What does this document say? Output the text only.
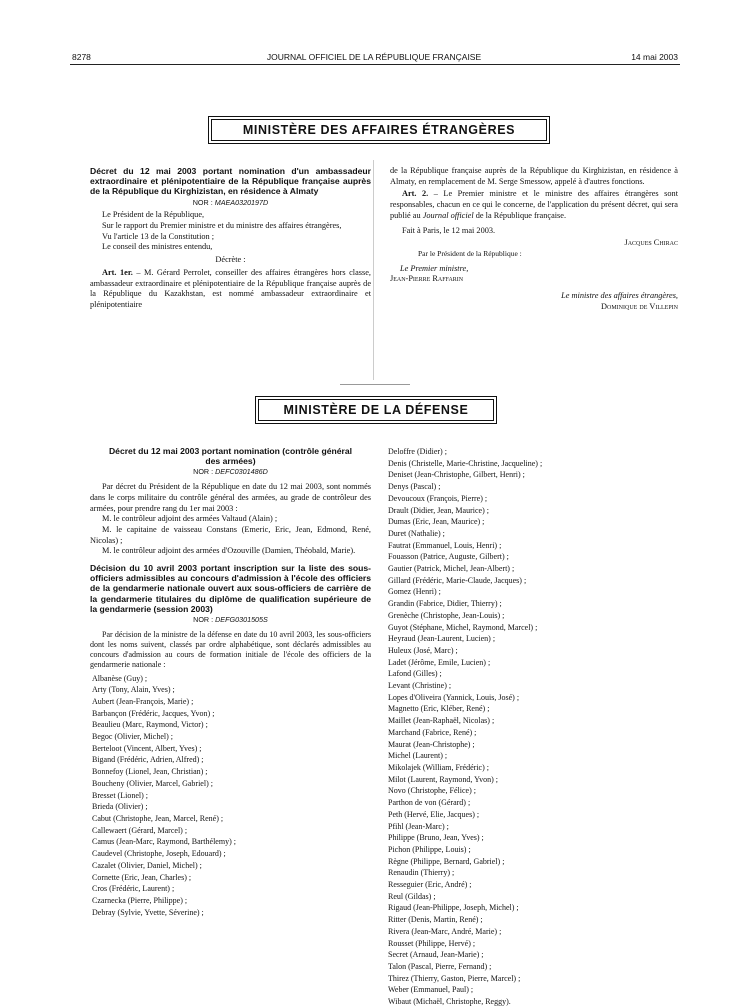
8278	JOURNAL OFFICIEL DE LA RÉPUBLIQUE FRANÇAISE	14 mai 2003
MINISTÈRE DES AFFAIRES ÉTRANGÈRES
Décret du 12 mai 2003 portant nomination d'un ambassadeur extraordinaire et plénipotentiaire de la République française auprès de la République du Kirghizistan, en résidence à Almaty
NOR : MAEA0320197D
Le Président de la République,
Sur le rapport du Premier ministre et du ministre des affaires étrangères,
Vu l'article 13 de la Constitution ;
Le conseil des ministres entendu,
Décrète :
Art. 1er. – M. Gérard Perrolet, conseiller des affaires étrangères hors classe, ambassadeur extraordinaire et plénipotentiaire de la République française auprès de la République du Kazakhstan, est nommé ambassadeur extraordinaire et plénipotentiaire
de la République française auprès de la République du Kirghizistan, en résidence à Almaty, en remplacement de M. Serge Smessow, appelé à d'autres fonctions.
Art. 2. – Le Premier ministre et le ministre des affaires étrangères sont responsables, chacun en ce qui le concerne, de l'application du présent décret, qui sera publié au Journal officiel de la République française.
Fait à Paris, le 12 mai 2003.
Jacques Chirac
Par le Président de la République :
Le Premier ministre,
Jean-Pierre Raffarin
Le ministre des affaires étrangères,
Dominique de Villepin
MINISTÈRE DE LA DÉFENSE
Décret du 12 mai 2003 portant nomination (contrôle général des armées)
NOR : DEFC0301486D
Par décret du Président de la République en date du 12 mai 2003, sont nommés dans le corps militaire du contrôle général des armées, au grade de contrôleur des armées, pour prendre rang du 1er mai 2003 :
M. le contrôleur adjoint des armées Valtaud (Alain) ;
M. le capitaine de vaisseau Constans (Emeric, Eric, Jean, Edmond, René, Nicolas) ;
M. le contrôleur adjoint des armées d'Ozouville (Damien, Théobald, Marie).
Décision du 10 avril 2003 portant inscription sur la liste des sous-officiers admissibles au concours d'admission à l'école des officiers de la gendarmerie nationale ouvert aux sous-officiers de carrière de la gendarmerie titulaires du diplôme de qualification supérieure de la gendarmerie (session 2003)
NOR : DEFG0301505S
Par décision de la ministre de la défense en date du 10 avril 2003, les sous-officiers dont les noms suivent, classés par ordre alphabétique, sont déclarés admissibles au concours d'admission au cours de formation initiale de l'école des officiers de la gendarmerie nationale :
Albanèse (Guy) ;
Arty (Tony, Alain, Yves) ;
Aubert (Jean-François, Marie) ;
Barbançon (Frédéric, Jacques, Yvon) ;
Beaulieu (Marc, Raymond, Victor) ;
Begoc (Olivier, Michel) ;
Berteloot (Vincent, Albert, Yves) ;
Bigand (Frédéric, Adrien, Alfred) ;
Bonnefoy (Lionel, Jean, Christian) ;
Boucheny (Olivier, Marcel, Gabriel) ;
Bresset (Lionel) ;
Brieda (Olivier) ;
Cabut (Christophe, Jean, Marcel, René) ;
Callewaert (Gérard, Marcel) ;
Camus (Jean-Marc, Raymond, Barthélemy) ;
Caudevel (Christophe, Joseph, Edouard) ;
Cazalet (Olivier, Daniel, Michel) ;
Cornette (Eric, Jean, Charles) ;
Cros (Frédéric, Laurent) ;
Czarnecka (Pierre, Philippe) ;
Debray (Sylvie, Yvette, Séverine) ;
Deloffre (Didier) ;
Denis (Christelle, Marie-Christine, Jacqueline) ;
Deniset (Jean-Christophe, Gilbert, Henri) ;
Denys (Pascal) ;
Devoucoux (François, Pierre) ;
Drault (Didier, Jean, Maurice) ;
Dumas (Eric, Jean, Maurice) ;
Duret (Nathalie) ;
Fautrat (Emmanuel, Louis, Henri) ;
Fouasson (Patrice, Auguste, Gilbert) ;
Gautier (Patrick, Michel, Jean-Albert) ;
Gillard (Frédéric, Marie-Claude, Jacques) ;
Gomez (Henri) ;
Grandin (Fabrice, Didier, Thierry) ;
Grenèche (Christophe, Jean-Louis) ;
Guyot (Stéphane, Michel, Raymond, Marcel) ;
Heyraud (Jean-Laurent, Lucien) ;
Huleux (José, Marc) ;
Ladet (Jérôme, Emile, Lucien) ;
Lafond (Gilles) ;
Levant (Christine) ;
Lopes d'Oliveira (Yannick, Louis, José) ;
Magnetto (Eric, Kléber, René) ;
Maillet (Jean-Raphaël, Nicolas) ;
Marchand (Fabrice, René) ;
Maurat (Jean-Christophe) ;
Michel (Laurent) ;
Mikolajek (William, Frédéric) ;
Milot (Laurent, Raymond, Yvon) ;
Novo (Christophe, Félice) ;
Parthon de von (Gérard) ;
Peth (Hervé, Elie, Jacques) ;
Pfihl (Jean-Marc) ;
Philippe (Bruno, Jean, Yves) ;
Pichon (Philippe, Louis) ;
Règne (Philippe, Bernard, Gabriel) ;
Renaudin (Thierry) ;
Resseguier (Eric, André) ;
Reul (Gildas) ;
Rigaud (Jean-Philippe, Joseph, Michel) ;
Ritter (Denis, Martin, René) ;
Rivera (Jean-Marc, André, Marie) ;
Rousset (Philippe, Hervé) ;
Secret (Arnaud, Jean-Marie) ;
Talon (Pascal, Pierre, Fernand) ;
Thirez (Thierry, Gaston, Pierre, Marcel) ;
Weber (Emmanuel, Paul) ;
Wibaut (Michaël, Christophe, Reggy).
